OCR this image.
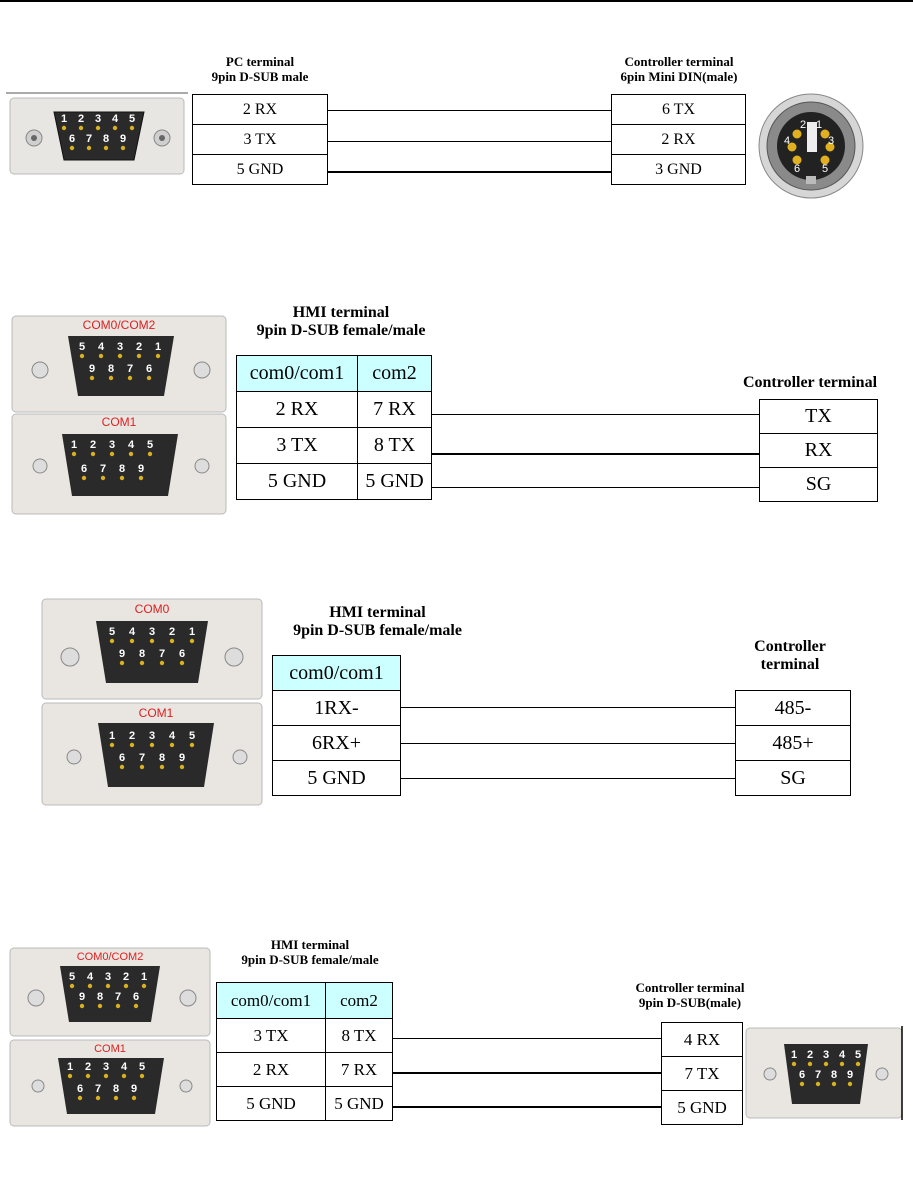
1 2 3 4 5
6 7 8 9
PC terminal
9pin D-SUB male
2 RX
3 TX
5 GND
Controller terminal
6pin Mini DIN(male)
6 TX
2 RX
3 GND
2 1
4	3
6 5
COM0/COM2
5 4 3 2 1
9 8 7 6
COM1
1 2 3 4 5
6 7 8 9
HMI terminal
9pin D-SUB female/male
com0/com1	com2
2 RX	7 RX
3 TX	8 TX
5 GND	5 GND
Controller terminal
TX
RX
SG
COM0
5 4 3 2 1
9 8 7 6
COM1
1 2 3 4 5
6 7 8 9
HMI terminal
9pin D-SUB female/male
com0/com1
1RX-
6RX+
5 GND
Controller
terminal
485-
485+
SG
COM0/COM2
5 4 3 2 1
9 8 7 6
COM1
1 2 3 4 5
6 7 8 9
HMI terminal
9pin D-SUB female/male
com0/com1	com2
3 TX	8 TX
2 RX	7 RX
5 GND	5 GND
Controller terminal
9pin D-SUB(male)
4 RX
7 TX
5 GND
1 2 3 4 5
6 7 8 9
